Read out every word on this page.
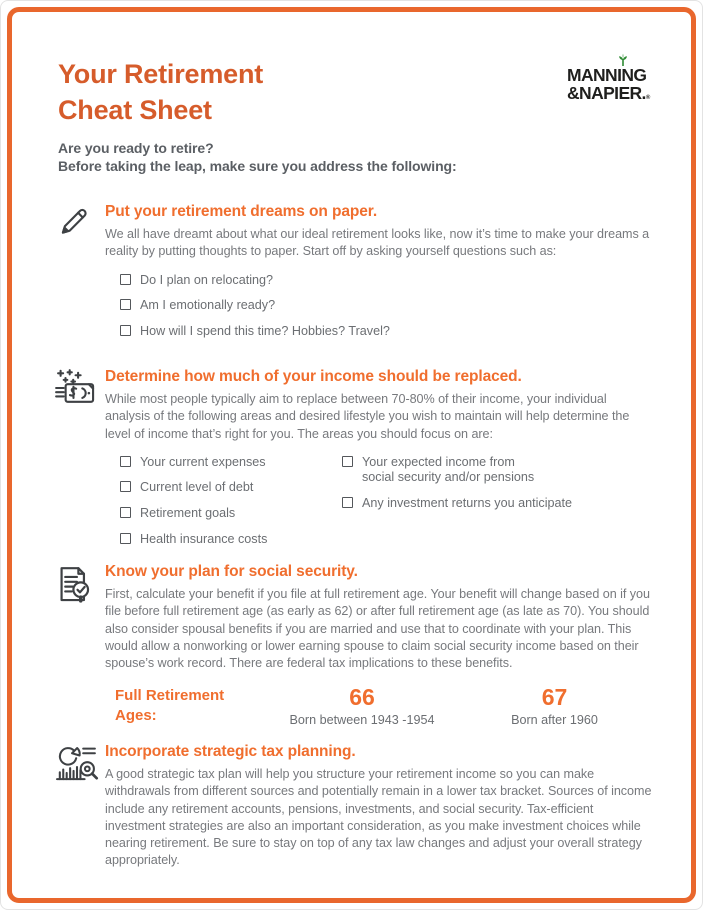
Your Retirement
Cheat Sheet
MANNING
&NAPIER.®
Are you ready to retire?
Before taking the leap, make sure you address the following:
Put your retirement dreams on paper.
We all have dreamt about what our ideal retirement looks like, now it’s time to make your dreams a reality by putting thoughts to paper. Start off by asking yourself questions such as:
Do I plan on relocating?
Am I emotionally ready?
How will I spend this time? Hobbies? Travel?
Determine how much of your income should be replaced.
While most people typically aim to replace between 70-80% of their income, your individual analysis of the following areas and desired lifestyle you wish to maintain will help determine the level of income that’s right for you. The areas you should focus on are:
Your current expenses
Current level of debt
Retirement goals
Health insurance costs
Your expected income from
social security and/or pensions
Any investment returns you anticipate
Know your plan for social security.
First, calculate your benefit if you file at full retirement age. Your benefit will change based on if you file before full retirement age (as early as 62) or after full retirement age (as late as 70). You should also consider spousal benefits if you are married and use that to coordinate with your plan. This would allow a nonworking or lower earning spouse to claim social security income based on their spouse’s work record. There are federal tax implications to these benefits.
Full Retirement
Ages:
66
Born between 1943 -1954
67
Born after 1960
Incorporate strategic tax planning.
A good strategic tax plan will help you structure your retirement income so you can make withdrawals from different sources and potentially remain in a lower tax bracket. Sources of income include any retirement accounts, pensions, investments, and social security. Tax-efficient investment strategies are also an important consideration, as you make investment choices while nearing retirement. Be sure to stay on top of any tax law changes and adjust your overall strategy appropriately.
